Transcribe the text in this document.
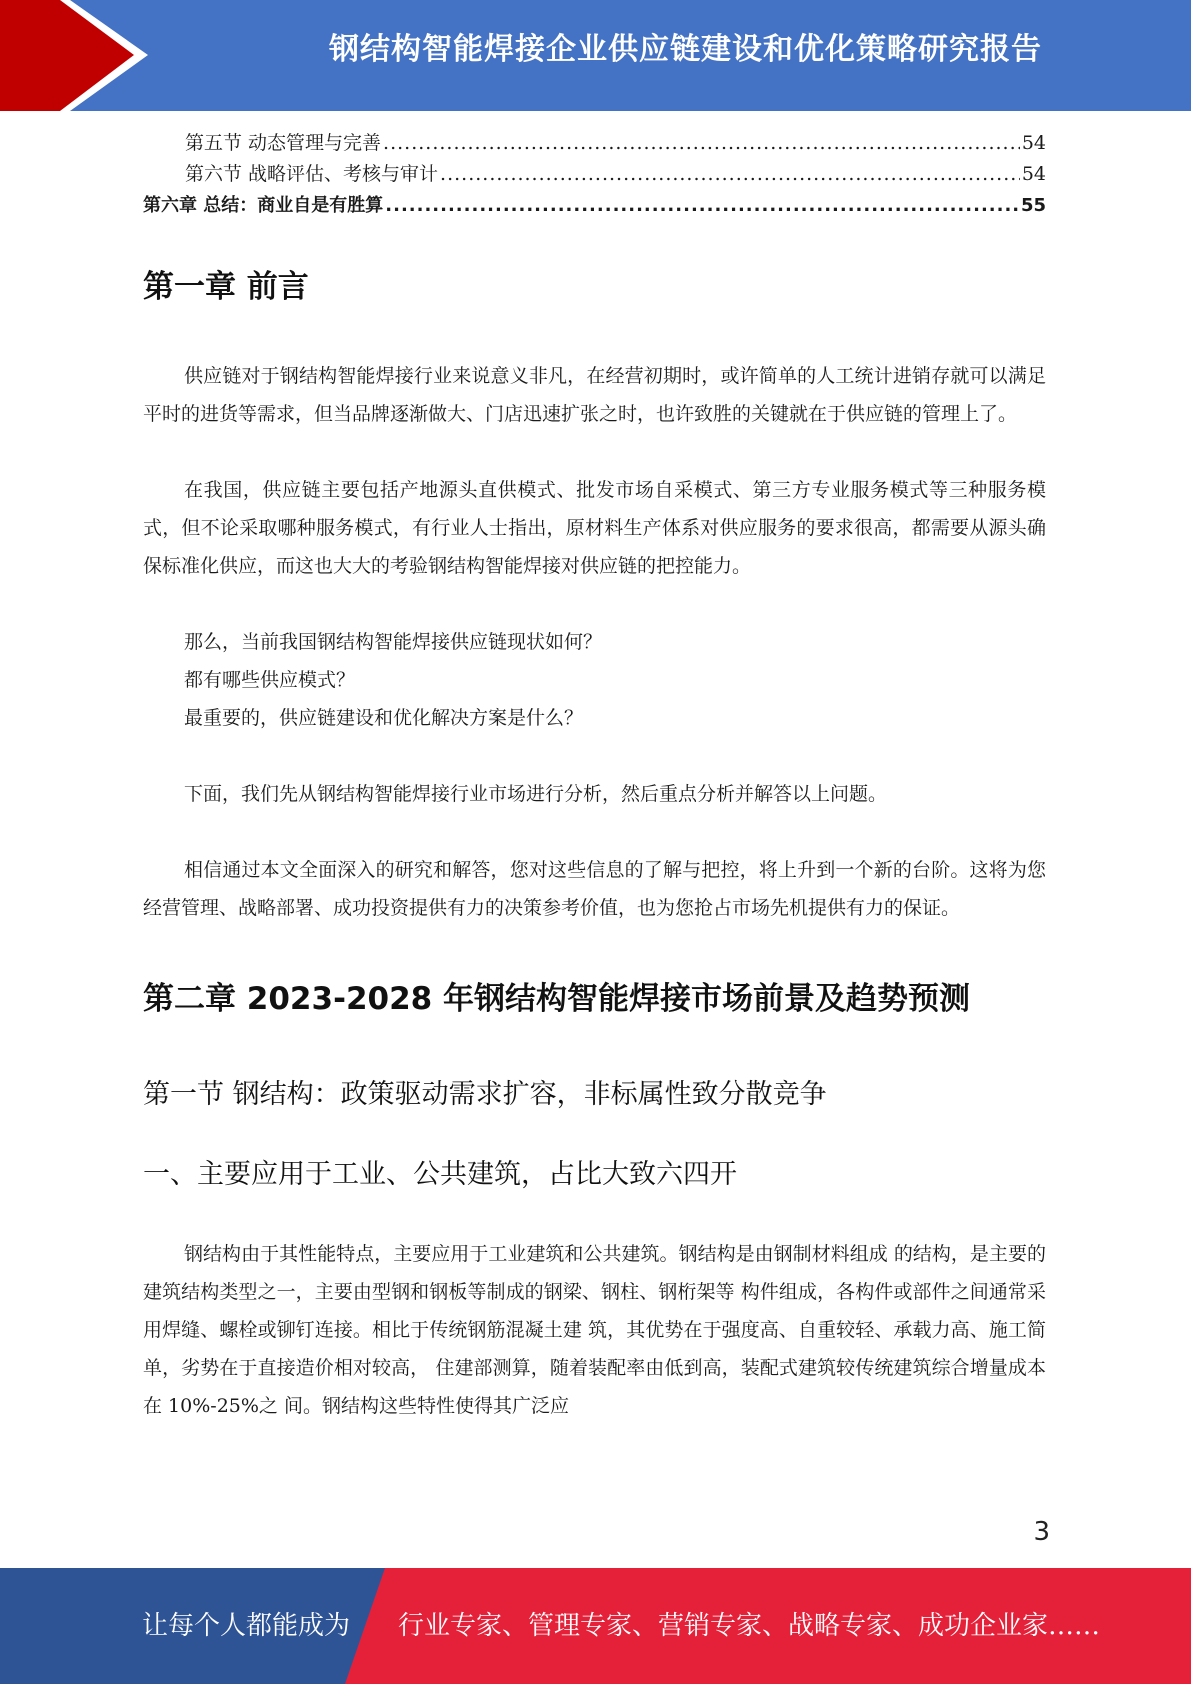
钢结构智能焊接企业供应链建设和优化策略研究报告
第五节 动态管理与完善 .....	54
第六节 战略评估、考核与审计 .....	54
第六章 总结：商业自是有胜算 .....	55
第一章 前言

供应链对于钢结构智能焊接行业来说意义非凡，在经营初期时，或许简单的人工统计进销存就可以满足平时的进货等需求，但当品牌逐渐做大、门店迅速扩张之时，也许致胜的关键就在于供应链的管理上了。

在我国，供应链主要包括产地源头直供模式、批发市场自采模式、第三方专业服务模式等三种服务模式，但不论采取哪种服务模式，有行业人士指出，原材料生产体系对供应服务的要求很高，都需要从源头确保标准化供应，而这也大大的考验钢结构智能焊接对供应链的把控能力。

那么，当前我国钢结构智能焊接供应链现状如何？

都有哪些供应模式？

最重要的，供应链建设和优化解决方案是什么？

下面，我们先从钢结构智能焊接行业市场进行分析，然后重点分析并解答以上问题。

相信通过本文全面深入的研究和解答，您对这些信息的了解与把控，将上升到一个新的台阶。这将为您经营管理、战略部署、成功投资提供有力的决策参考价值，也为您抢占市场先机提供有力的保证。

第二章 2023-2028 年钢结构智能焊接市场前景及趋势预测
第一节 钢结构：政策驱动需求扩容，非标属性致分散竞争
一、主要应用于工业、公共建筑，占比大致六四开

钢结构由于其性能特点，主要应用于工业建筑和公共建筑。钢结构是由钢制材料组成 的结构，是主要的建筑结构类型之一，主要由型钢和钢板等制成的钢梁、钢柱、钢桁架等 构件组成，各构件或部件之间通常采用焊缝、螺栓或铆钉连接。相比于传统钢筋混凝土建 筑，其优势在于强度高、自重较轻、承载力高、施工简单，劣势在于直接造价相对较高， 住建部测算，随着装配率由低到高，装配式建筑较传统建筑综合增量成本在 10%-25%之 间。钢结构这些特性使得其广泛应

3
让每个人都能成为 行业专家、管理专家、营销专家、战略专家、成功企业家……
